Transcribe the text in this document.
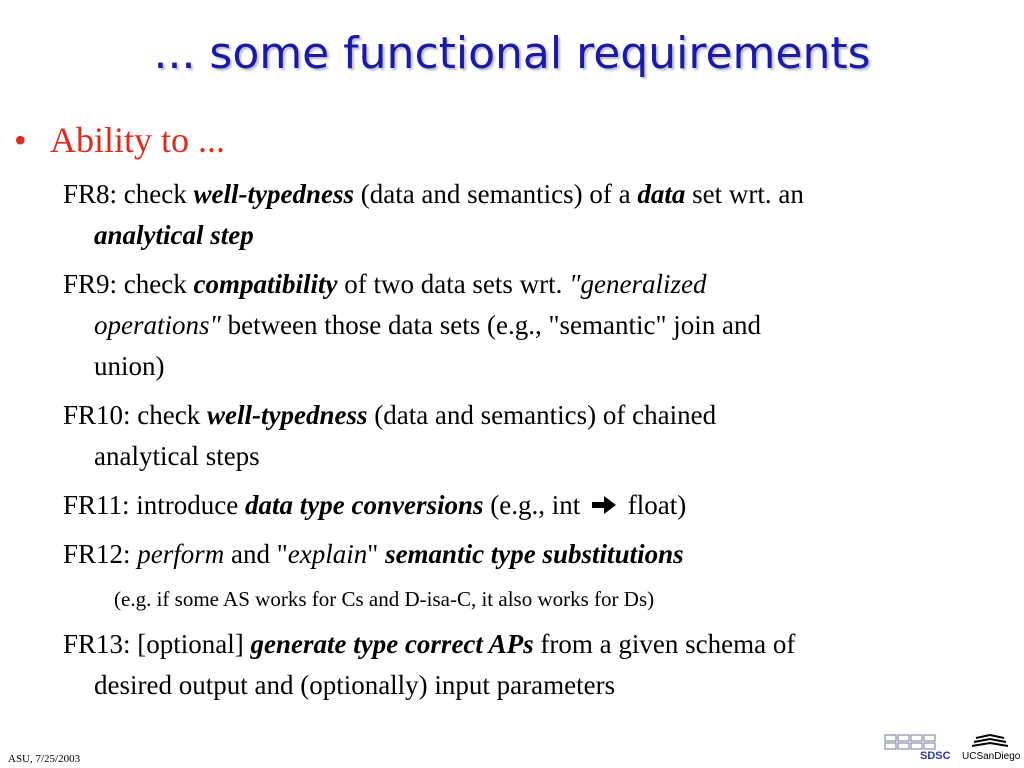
... some functional requirements
• Ability to ...
FR8: check well-typedness (data and semantics) of a data set wrt. an
analytical step
FR9: check compatibility of two data sets wrt. "generalized
operations" between those data sets (e.g., "semantic" join and
union)
FR10: check well-typedness (data and semantics) of chained
analytical steps
FR11: introduce data type conversions (e.g., int  float)
FR12: perform and "explain" semantic type substitutions
(e.g. if some AS works for Cs and D-isa-C, it also works for Ds)
FR13: [optional] generate type correct APs from a given schema of
desired output and (optionally) input parameters
ASU, 7/25/2003	SDSC UCSanDiego
